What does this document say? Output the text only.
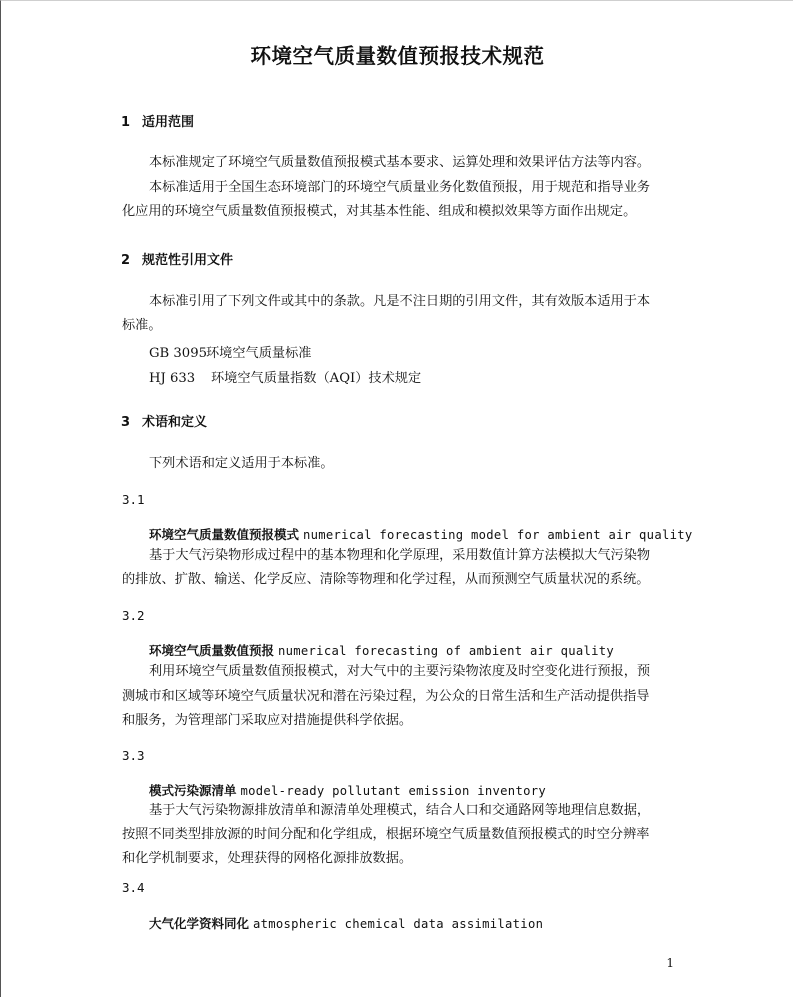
环境空气质量数值预报技术规范
1 适用范围

本标准规定了环境空气质量数值预报模式基本要求、运算处理和效果评估方法等内容。

本标准适用于全国生态环境部门的环境空气质量业务化数值预报，用于规范和指导业务

化应用的环境空气质量数值预报模式，对其基本性能、组成和模拟效果等方面作出规定。

2 规范性引用文件

本标准引用了下列文件或其中的条款。凡是不注日期的引用文件，其有效版本适用于本

标准。

GB 3095环境空气质量标准
HJ 633 环境空气质量指数（AQI）技术规定
3 术语和定义

下列术语和定义适用于本标准。

3.1
环境空气质量数值预报模式 numerical forecasting model for ambient air quality

基于大气污染物形成过程中的基本物理和化学原理，采用数值计算方法模拟大气污染物

的排放、扩散、输送、化学反应、清除等物理和化学过程，从而预测空气质量状况的系统。

3.2
环境空气质量数值预报 numerical forecasting of ambient air quality

利用环境空气质量数值预报模式，对大气中的主要污染物浓度及时空变化进行预报，预

测城市和区域等环境空气质量状况和潜在污染过程，为公众的日常生活和生产活动提供指导

和服务，为管理部门采取应对措施提供科学依据。

3.3
模式污染源清单 model-ready pollutant emission inventory

基于大气污染物源排放清单和源清单处理模式，结合人口和交通路网等地理信息数据，

按照不同类型排放源的时间分配和化学组成，根据环境空气质量数值预报模式的时空分辨率

和化学机制要求，处理获得的网格化源排放数据。

3.4
大气化学资料同化 atmospheric chemical data assimilation
1
